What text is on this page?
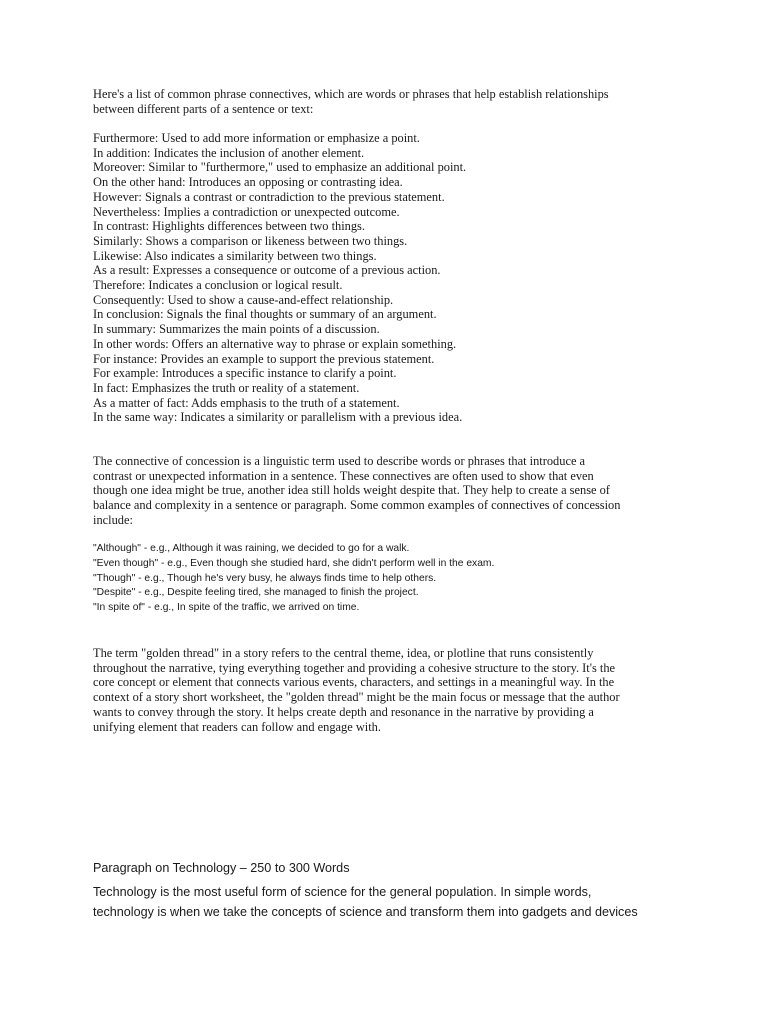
Here's a list of common phrase connectives, which are words or phrases that help establish relationships
between different parts of a sentence or text:
Furthermore: Used to add more information or emphasize a point.
In addition: Indicates the inclusion of another element.
Moreover: Similar to "furthermore," used to emphasize an additional point.
On the other hand: Introduces an opposing or contrasting idea.
However: Signals a contrast or contradiction to the previous statement.
Nevertheless: Implies a contradiction or unexpected outcome.
In contrast: Highlights differences between two things.
Similarly: Shows a comparison or likeness between two things.
Likewise: Also indicates a similarity between two things.
As a result: Expresses a consequence or outcome of a previous action.
Therefore: Indicates a conclusion or logical result.
Consequently: Used to show a cause-and-effect relationship.
In conclusion: Signals the final thoughts or summary of an argument.
In summary: Summarizes the main points of a discussion.
In other words: Offers an alternative way to phrase or explain something.
For instance: Provides an example to support the previous statement.
For example: Introduces a specific instance to clarify a point.
In fact: Emphasizes the truth or reality of a statement.
As a matter of fact: Adds emphasis to the truth of a statement.
In the same way: Indicates a similarity or parallelism with a previous idea.
The connective of concession is a linguistic term used to describe words or phrases that introduce a
contrast or unexpected information in a sentence. These connectives are often used to show that even
though one idea might be true, another idea still holds weight despite that. They help to create a sense of
balance and complexity in a sentence or paragraph. Some common examples of connectives of concession
include:
"Although" - e.g., Although it was raining, we decided to go for a walk.
"Even though" - e.g., Even though she studied hard, she didn't perform well in the exam.
"Though" - e.g., Though he's very busy, he always finds time to help others.
"Despite" - e.g., Despite feeling tired, she managed to finish the project.
"In spite of" - e.g., In spite of the traffic, we arrived on time.
The term "golden thread" in a story refers to the central theme, idea, or plotline that runs consistently
throughout the narrative, tying everything together and providing a cohesive structure to the story. It's the
core concept or element that connects various events, characters, and settings in a meaningful way. In the
context of a story short worksheet, the "golden thread" might be the main focus or message that the author
wants to convey through the story. It helps create depth and resonance in the narrative by providing a
unifying element that readers can follow and engage with.
Paragraph on Technology – 250 to 300 Words
Technology is the most useful form of science for the general population. In simple words,
technology is when we take the concepts of science and transform them into gadgets and devices
